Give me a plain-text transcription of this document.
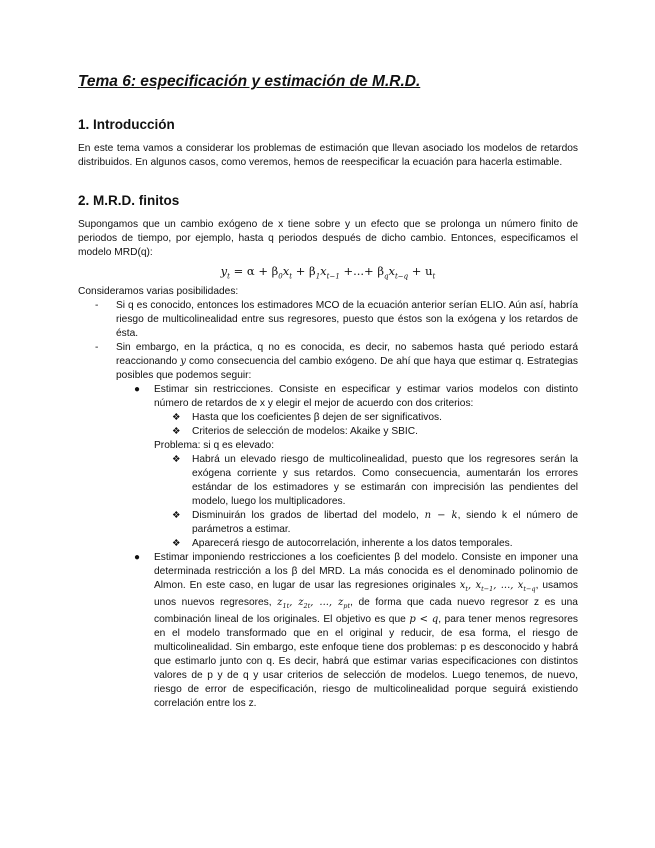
Tema 6: especificación y estimación de M.R.D.
1. Introducción

En este tema vamos a considerar los problemas de estimación que llevan asociado los modelos de retardos distribuidos. En algunos casos, como veremos, hemos de reespecificar la ecuación para hacerla estimable.

2. M.R.D. finitos

Supongamos que un cambio exógeno de x tiene sobre y un efecto que se prolonga un número finito de periodos de tiempo, por ejemplo, hasta q periodos después de dicho cambio. Entonces, especificamos el modelo MRD(q):

$y_t = \alpha + \beta_0x_t + \beta_1x_{t-1}$ +...+ $\beta_qx_{t-q} + u_t$

Consideramos varias posibilidades:

- Si q es conocido, entonces los estimadores MCO de la ecuación anterior serían ELIO. Aún así, habría riesgo de multicolinealidad entre sus regresores, puesto que éstos son la exógena y los retardos de ésta.
- Sin embargo, en la práctica, q no es conocida, es decir, no sabemos hasta qué periodo estará reaccionando y como consecuencia del cambio exógeno. De ahí que haya que estimar q. Estrategias posibles que podemos seguir:
● Estimar sin restricciones. Consiste en especificar y estimar varios modelos con distinto número de retardos de x y elegir el mejor de acuerdo con dos criterios:
❖ Hasta que los coeficientes β dejen de ser significativos.
❖ Criterios de selección de modelos: Akaike y SBIC.
Problema: si q es elevado:
❖ Habrá un elevado riesgo de multicolinealidad, puesto que los regresores serán la exógena corriente y sus retardos. Como consecuencia, aumentarán los errores estándar de los estimadores y se estimarán con imprecisión las pendientes del modelo, luego los multiplicadores.
❖ Disminuirán los grados de libertad del modelo, n − k, siendo k el número de parámetros a estimar.
❖ Aparecerá riesgo de autocorrelación, inherente a los datos temporales.
● Estimar imponiendo restricciones a los coeficientes β del modelo. Consiste en imponer una determinada restricción a los β del MRD. La más conocida es el denominado polinomio de Almon. En este caso, en lugar de usar las regresiones originales $x_t$, $x_{t-1}$, ..., $x_{t-q}$, usamos unos nuevos regresores, $z_{1t}$, $z_{2t}$, ..., $z_{pt}$, de forma que cada nuevo regresor z es una combinación lineal de los originales. El objetivo es que p < q, para tener menos regresores en el modelo transformado que en el original y reducir, de esa forma, el riesgo de multicolinealidad. Sin embargo, este enfoque tiene dos problemas: p es desconocido y habrá que estimarlo junto con q. Es decir, habrá que estimar varias especificaciones con distintos valores de p y de q y usar criterios de selección de modelos. Luego tenemos, de nuevo, riesgo de error de especificación, riesgo de multicolinealidad porque seguirá existiendo correlación entre los z.
